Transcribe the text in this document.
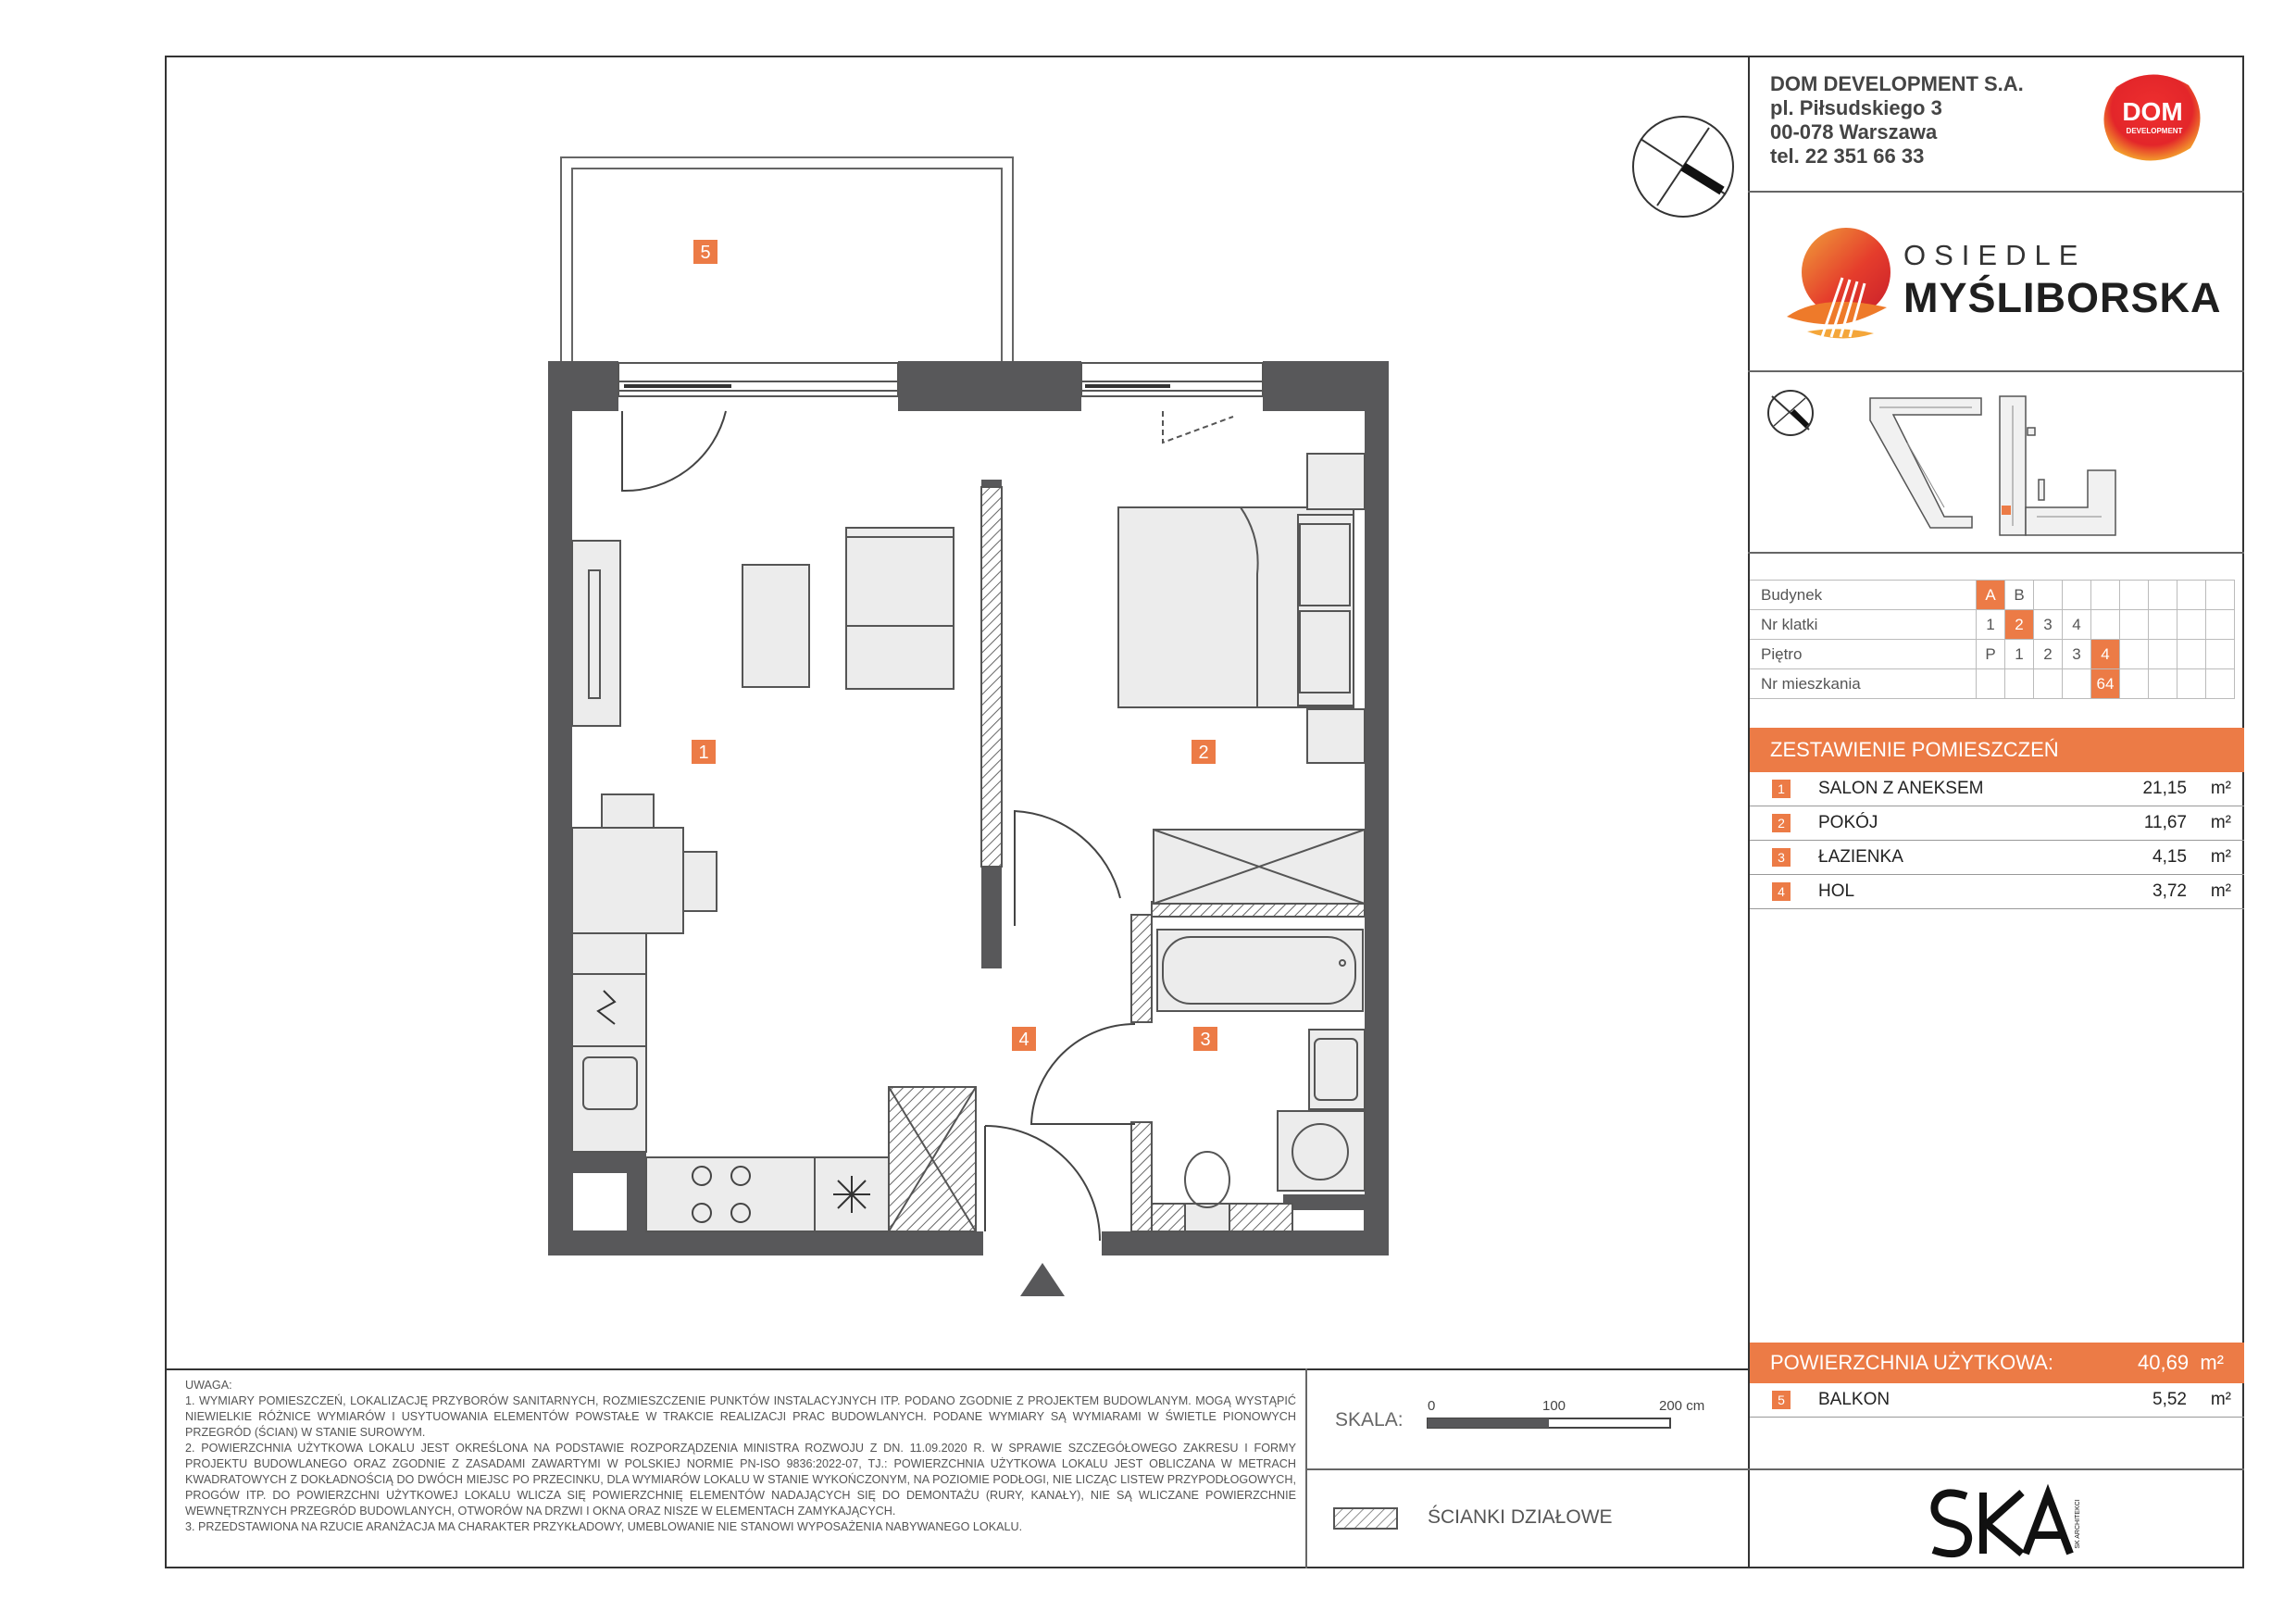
DOM DEVELOPMENT S.A.
pl. Piłsudskiego 3
00-078 Warszawa
tel. 22 351 66 33
DOM
DEVELOPMENT
OSIEDLE
MYŚLIBORSKA
Budynek	A	B							
Nr klatki	1	2	3	4					
Piętro	P	1	2	3	4				
Nr mieszkania					64				
ZESTAWIENIE POMIESZCZEŃ
1	SALON Z ANEKSEM	21,15 m²
2	POKÓJ	11,67 m²
3	ŁAZIENKA	4,15 m²
4	HOL	3,72 m²
POWIERZCHNIA UŻYTKOWA:	40,69 m²
5	BALKON	5,52 m²
1	2
3
4
5
UWAGA:
1. WYMIARY POMIESZCZEŃ, LOKALIZACJĘ PRZYBORÓW SANITARNYCH, ROZMIESZCZENIE PUNKTÓW INSTALACYJNYCH ITP. PODANO ZGODNIE Z PROJEKTEM BUDOWLANYM. MOGĄ WYSTĄPIĆ NIEWIELKIE RÓŻNICE WYMIARÓW I USYTUOWANIA ELEMENTÓW POWSTAŁE W TRAKCIE REALIZACJI PRAC BUDOWLANYCH. PODANE WYMIARY SĄ WYMIARAMI W ŚWIETLE PIONOWYCH PRZEGRÓD (ŚCIAN) W STANIE SUROWYM.
2. POWIERZCHNIA UŻYTKOWA LOKALU JEST OKREŚLONA NA PODSTAWIE ROZPORZĄDZENIA MINISTRA ROZWOJU Z DN. 11.09.2020 R. W SPRAWIE SZCZEGÓŁOWEGO ZAKRESU I FORMY PROJEKTU BUDOWLANEGO ORAZ ZGODNIE Z ZASADAMI ZAWARTYMI W POLSKIEJ NORMIE PN-ISO 9836:2022-07, TJ.: POWIERZCHNIA UŻYTKOWA LOKALU JEST OBLICZANA W METRACH KWADRATOWYCH Z DOKŁADNOŚCIĄ DO DWÓCH MIEJSC PO PRZECINKU, DLA WYMIARÓW LOKALU W STANIE WYKOŃCZONYM, NA POZIOMIE PODŁOGI, NIE LICZĄC LISTEW PRZYPODŁOGOWYCH, PROGÓW ITP. DO POWIERZCHNI UŻYTKOWEJ LOKALU WLICZA SIĘ POWIERZCHNIĘ ELEMENTÓW NADAJĄCYCH SIĘ DO DEMONTAŻU (RURY, KANAŁY), NIE SĄ WLICZANE POWIERZCHNIE WEWNĘTRZNYCH PRZEGRÓD BUDOWLANYCH, OTWORÓW NA DRZWI I OKNA ORAZ NISZE W ELEMENTACH ZAMYKAJĄCYCH.
3. PRZEDSTAWIONA NA RZUCIE ARANŻACJA MA CHARAKTER PRZYKŁADOWY, UMEBLOWANIE NIE STANOWI WYPOSAŻENIA NABYWANEGO LOKALU.
SKALA:
0	100	200 cm
ŚCIANKI DZIAŁOWE	SK ARCHITEKCI
